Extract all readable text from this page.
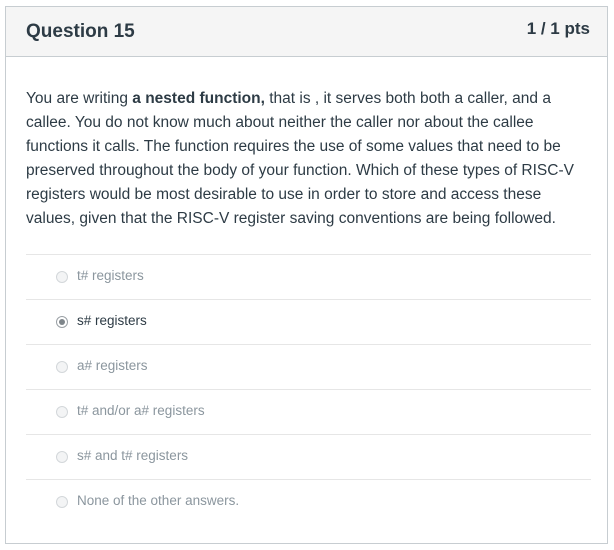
Question 15	1 / 1 pts
You are writing a nested function, that is , it serves both both a caller, and a callee. You do not know much about neither the caller nor about the callee functions it calls. The function requires the use of some values that need to be preserved throughout the body of your function. Which of these types of RISC-V registers would be most desirable to use in order to store and access these values, given that the RISC-V register saving conventions are being followed.
t# registers
s# registers
a# registers
t# and/or a# registers
s# and t# registers
None of the other answers.
